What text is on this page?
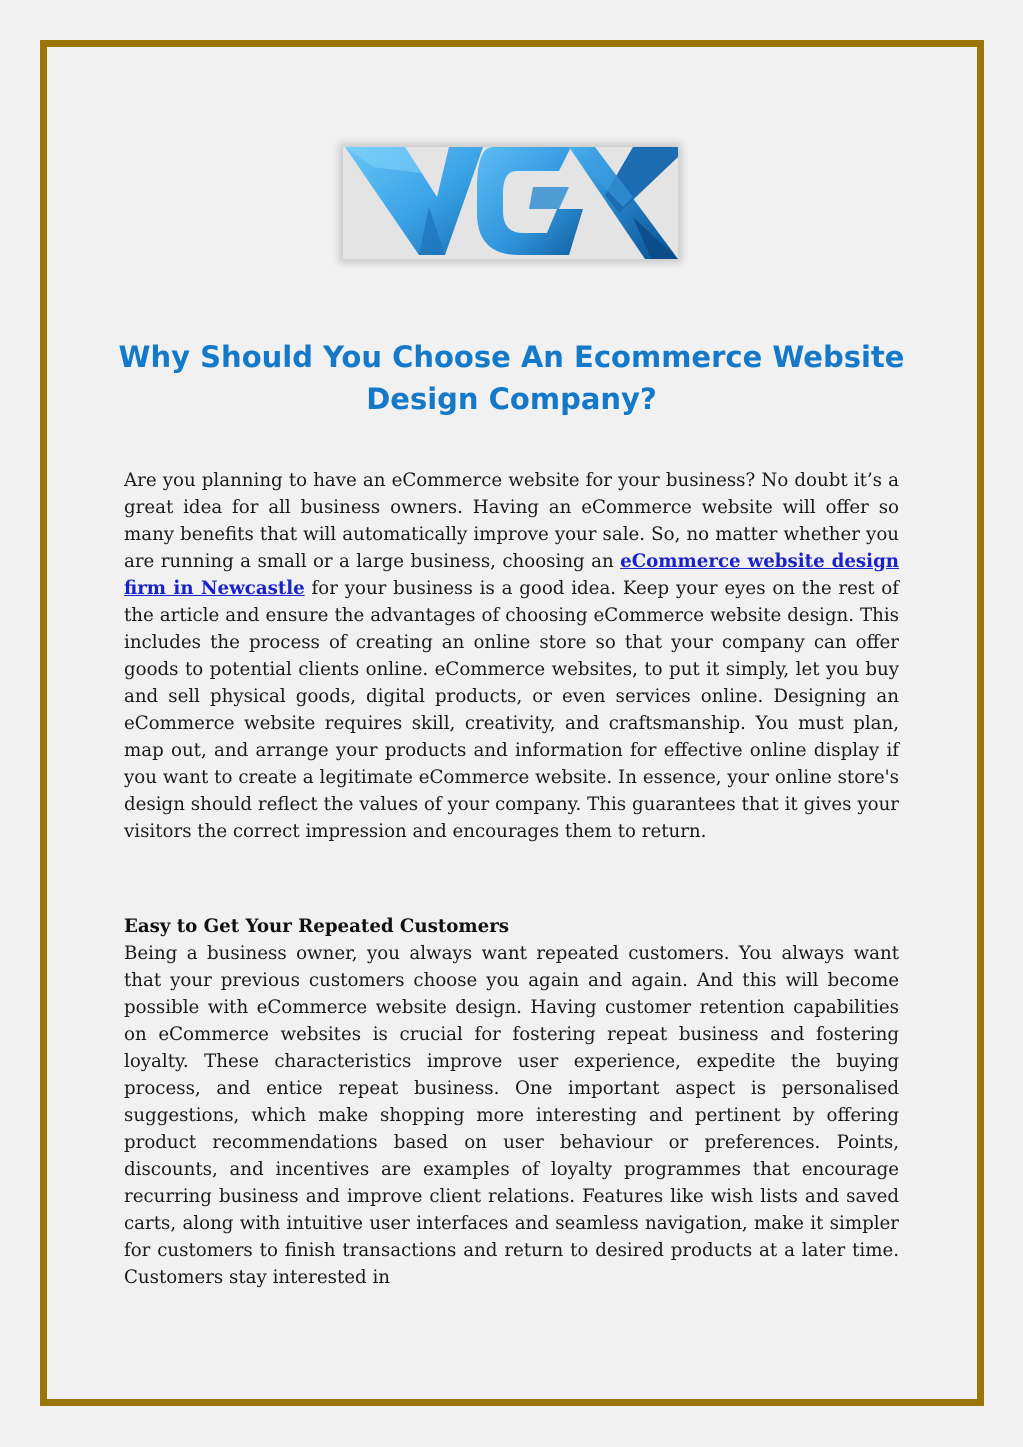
Why Should You Choose An Ecommerce Website Design Company?

Are you planning to have an eCommerce website for your business? No doubt it’s a great idea for all business owners. Having an eCommerce website will offer so many benefits that will automatically improve your sale. So, no matter whether you are running a small or a large business, choosing an eCommerce website design firm in Newcastle for your business is a good idea. Keep your eyes on the rest of the article and ensure the advantages of choosing eCommerce website design. This includes the process of creating an online store so that your company can offer goods to potential clients online. eCommerce websites, to put it simply, let you buy and sell physical goods, digital products, or even services online. Designing an eCommerce website requires skill, creativity, and craftsmanship. You must plan, map out, and arrange your products and information for effective online display if you want to create a legitimate eCommerce website. In essence, your online store's design should reflect the values of your company. This guarantees that it gives your visitors the correct impression and encourages them to return.

Easy to Get Your Repeated Customers

Being a business owner, you always want repeated customers. You always want that your previous customers choose you again and again. And this will become possible with eCommerce website design. Having customer retention capabilities on eCommerce websites is crucial for fostering repeat business and fostering loyalty. These characteristics improve user experience, expedite the buying process, and entice repeat business. One important aspect is personalised suggestions, which make shopping more interesting and pertinent by offering product recommendations based on user behaviour or preferences. Points, discounts, and incentives are examples of loyalty programmes that encourage recurring business and improve client relations. Features like wish lists and saved carts, along with intuitive user interfaces and seamless navigation, make it simpler for customers to finish transactions and return to desired products at a later time. Customers stay interested in
